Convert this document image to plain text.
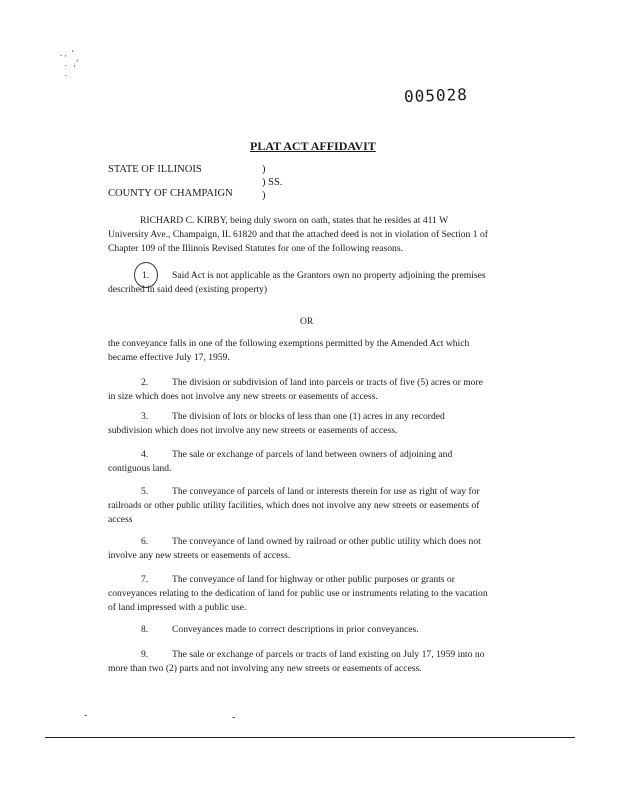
. ,  ʻ
.   ,ʼ
.
005028
PLAT ACT AFFIDAVIT
STATE OF ILLINOIS	)
) SS.
COUNTY OF CHAMPAIGN	)
RICHARD C. KIRBY, being duly sworn on oath, states that he resides at 411 W University Ave., Champaign, IL 61820 and that the attached deed is not in violation of Section 1 of Chapter 109 of the Illinois Revised Statutes for one of the following reasons.
1.	Said Act is not applicable as the Grantors own no property adjoining the premises described in said deed (existing property)
OR
the conveyance falls in one of the following exemptions permitted by the Amended Act which became effective July 17, 1959.
2.	The division or subdivision of land into parcels or tracts of five (5) acres or more in size which does not involve any new streets or easements of access.
3.	The division of lots or blocks of less than one (1) acres in any recorded subdivision which does not involve any new streets or easements of access.
4.	The sale or exchange of parcels of land between owners of adjoining and contiguous land.
5.	The conveyance of parcels of land or interests therein for use as right of way for railroads or other public utility facilities, which does not involve any new streets or easements of access
6.	The conveyance of land owned by railroad or other public utility which does not involve any new streets or easements of access.
7.	The conveyance of land for highway or other public purposes or grants or conveyances relating to the dedication of land for public use or instruments relating to the vacation of land impressed with a public use.
8.	Conveyances made to correct descriptions in prior conveyances.
9.	The sale or exchange of parcels or tracts of land existing on July 17, 1959 into no more than two (2) parts and not involving any new streets or easements of access.
-	-
